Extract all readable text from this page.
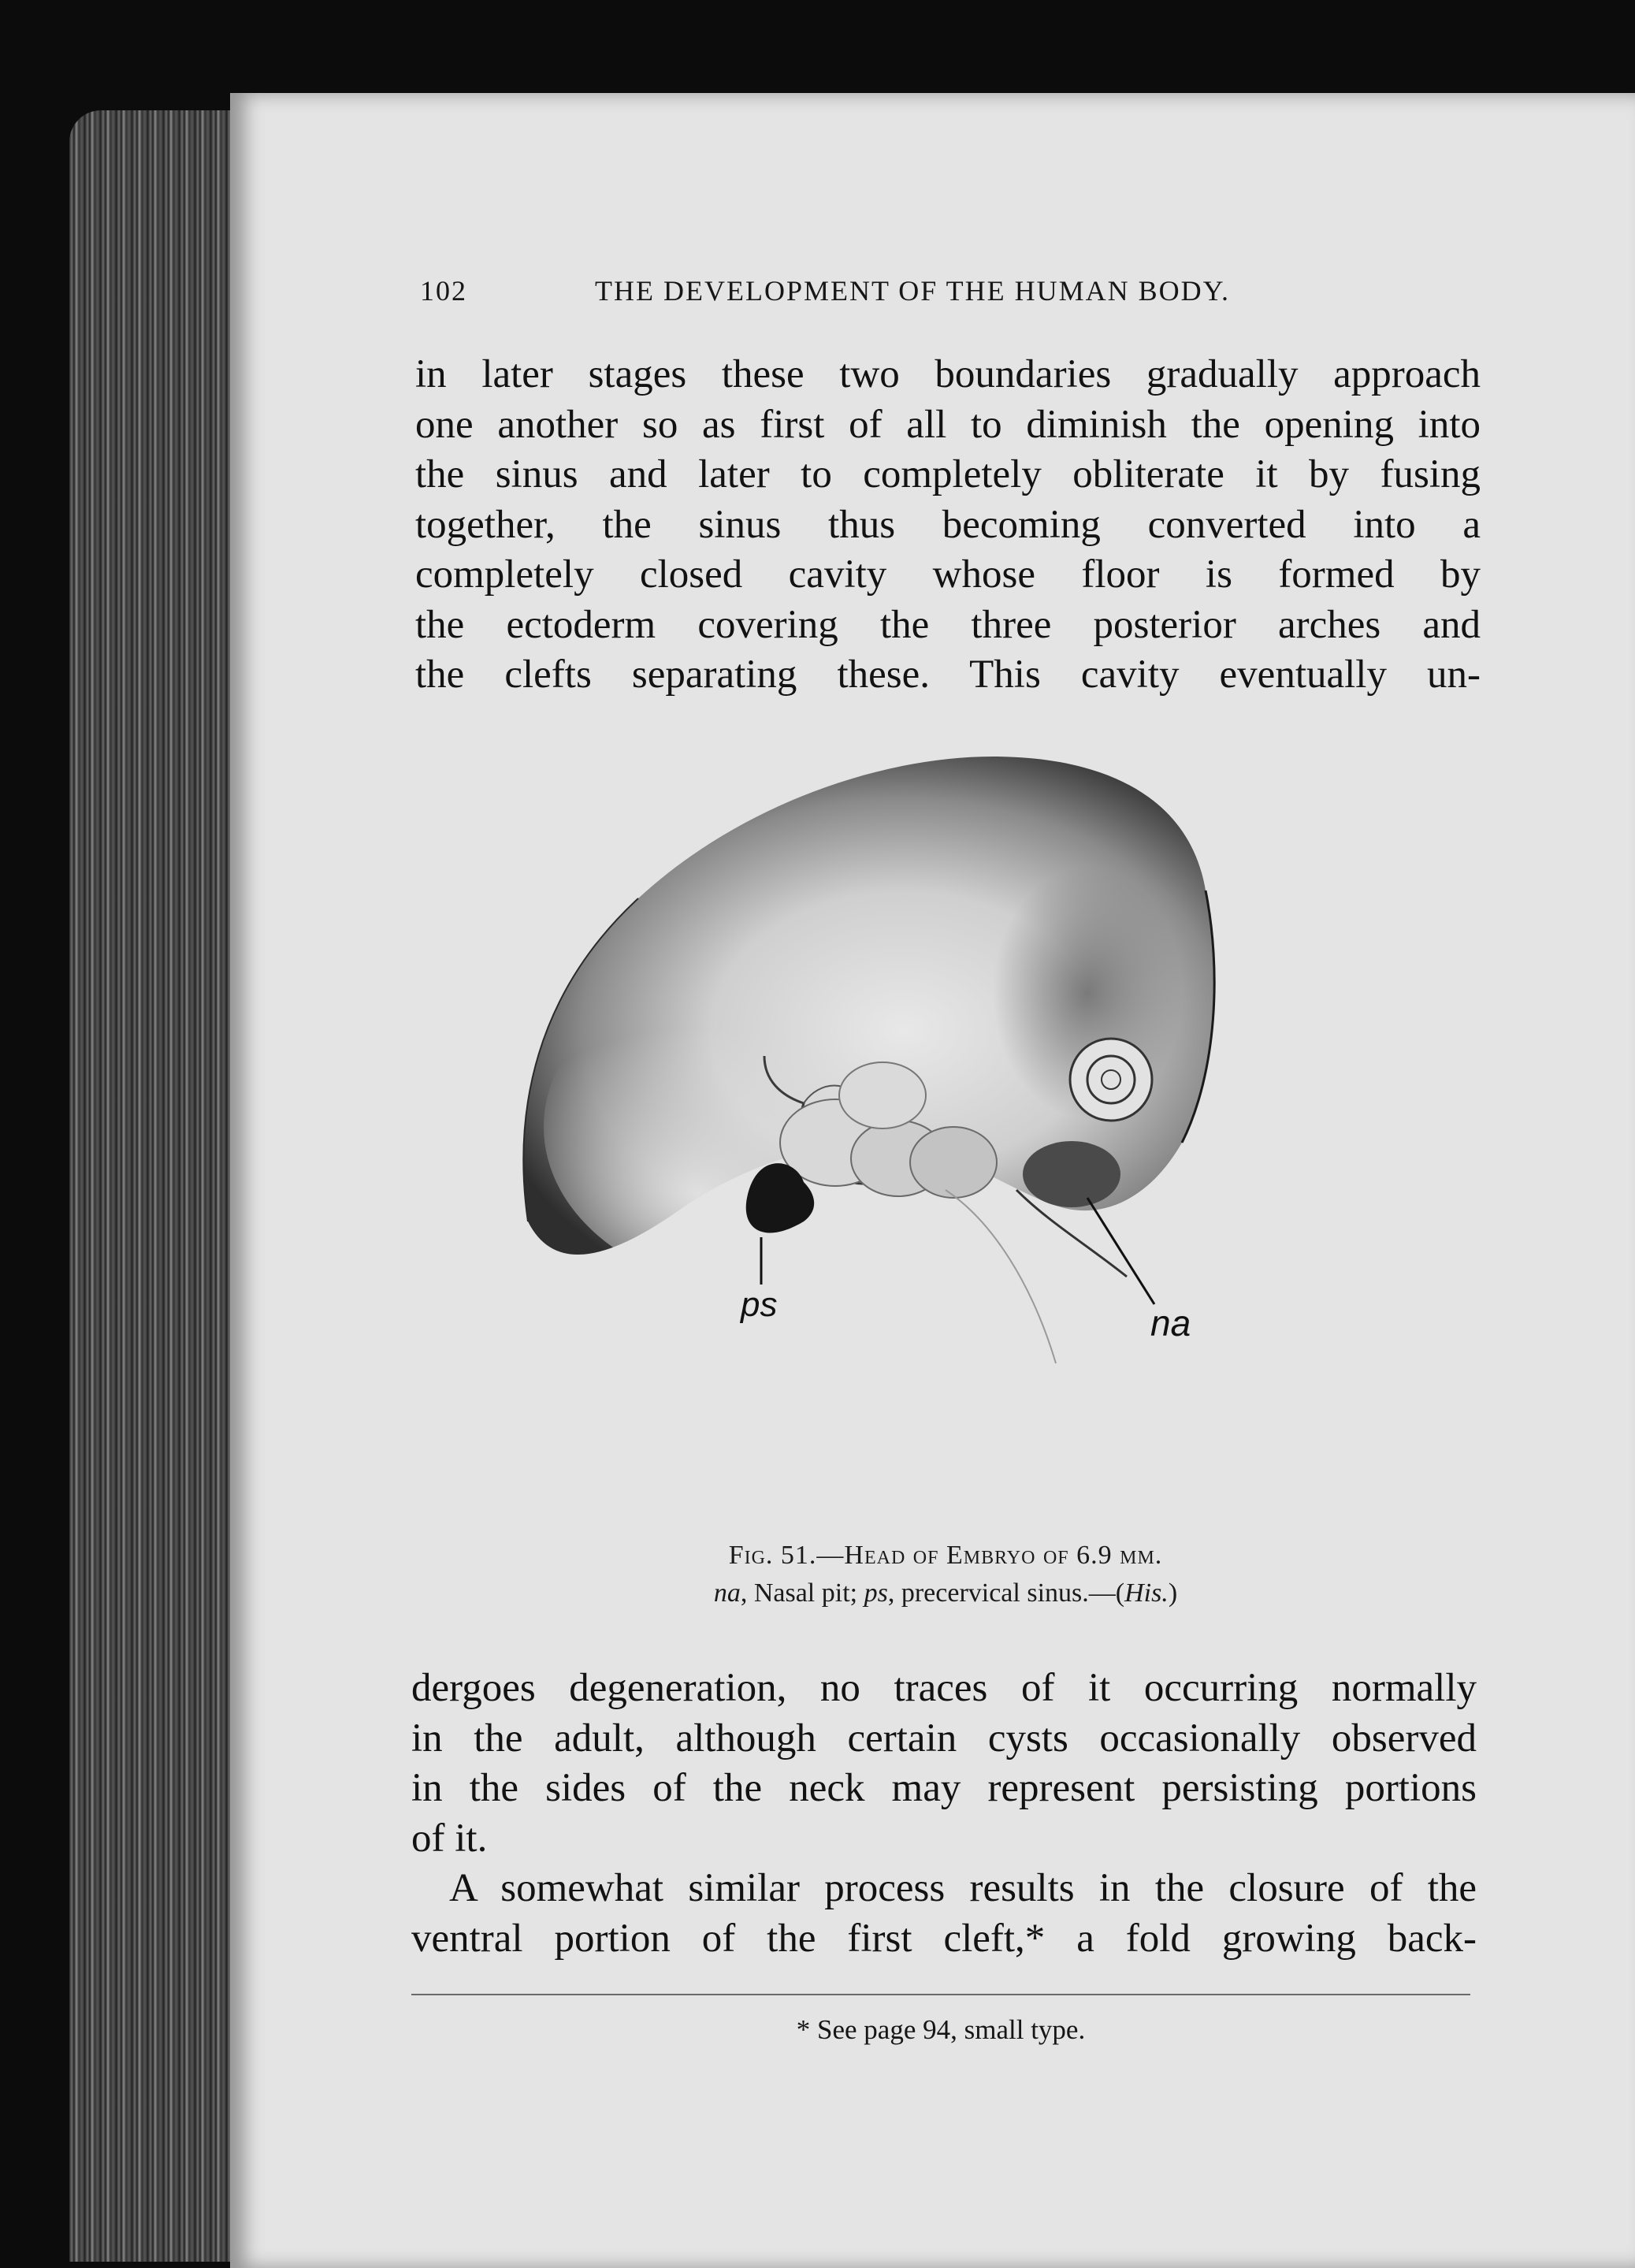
102	THE DEVELOPMENT OF THE HUMAN BODY.
in later stages these two boundaries gradually approach
one another so as first of all to diminish the opening into
the sinus and later to completely obliterate it by fusing
together, the sinus thus becoming converted into a
completely closed cavity whose floor is formed by
the ectoderm covering the three posterior arches and
the clefts separating these. This cavity eventually un-
ps	na
Fig. 51.—Head of Embryo of 6.9 mm.
na, Nasal pit; ps, precervical sinus.—(His.)
dergoes degeneration, no traces of it occurring normally
in the adult, although certain cysts occasionally observed
in the sides of the neck may represent persisting portions
of it.
A somewhat similar process results in the closure of the
ventral portion of the first cleft,* a fold growing back-
* See page 94, small type.
